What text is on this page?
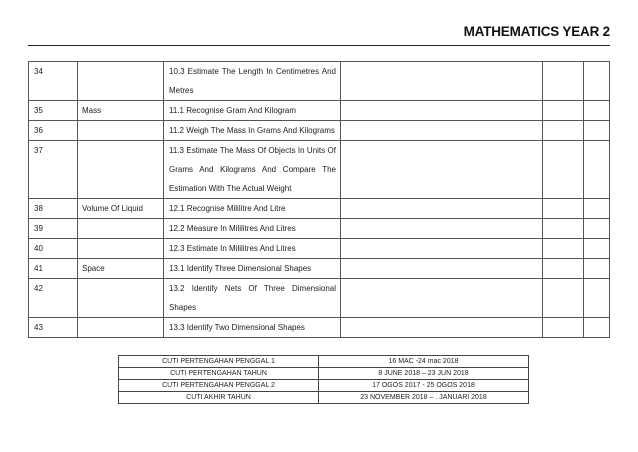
MATHEMATICS YEAR 2
34		10.3 Estimate The Length In Centimetres And Metres			
35	Mass	11.1 Recognise Gram And Kilogram			
36		11.2 Weigh The Mass In Grams And Kilograms			
37		11.3 Estimate The Mass Of Objects In Units Of Grams And Kilograms And Compare The Estimation With The Actual Weight			
38	Volume Of Liquid	12.1 Recognise Mililitre And Litre			
39		12.2 Measure In Mililitres And Litres			
40		12.3 Estimate In Mililitres And Litres			
41	Space	13.1 Identify Three Dimensional Shapes			
42		13.2 Identify Nets Of Three Dimensional Shapes			
43		13.3 Identify Two Dimensional Shapes			
CUTI PERTENGAHAN PENGGAL 1	16 MAC -24 mac 2018
CUTI PERTENGAHAN TAHUN	8 JUNE 2018 – 23 JUN 2018
CUTI PERTENGAHAN PENGGAL 2	17 OGOS 2017 - 25 OGOS 2018
CUTI AKHIR TAHUN	23 NOVEMBER 2018 – . JANUARI 2018
